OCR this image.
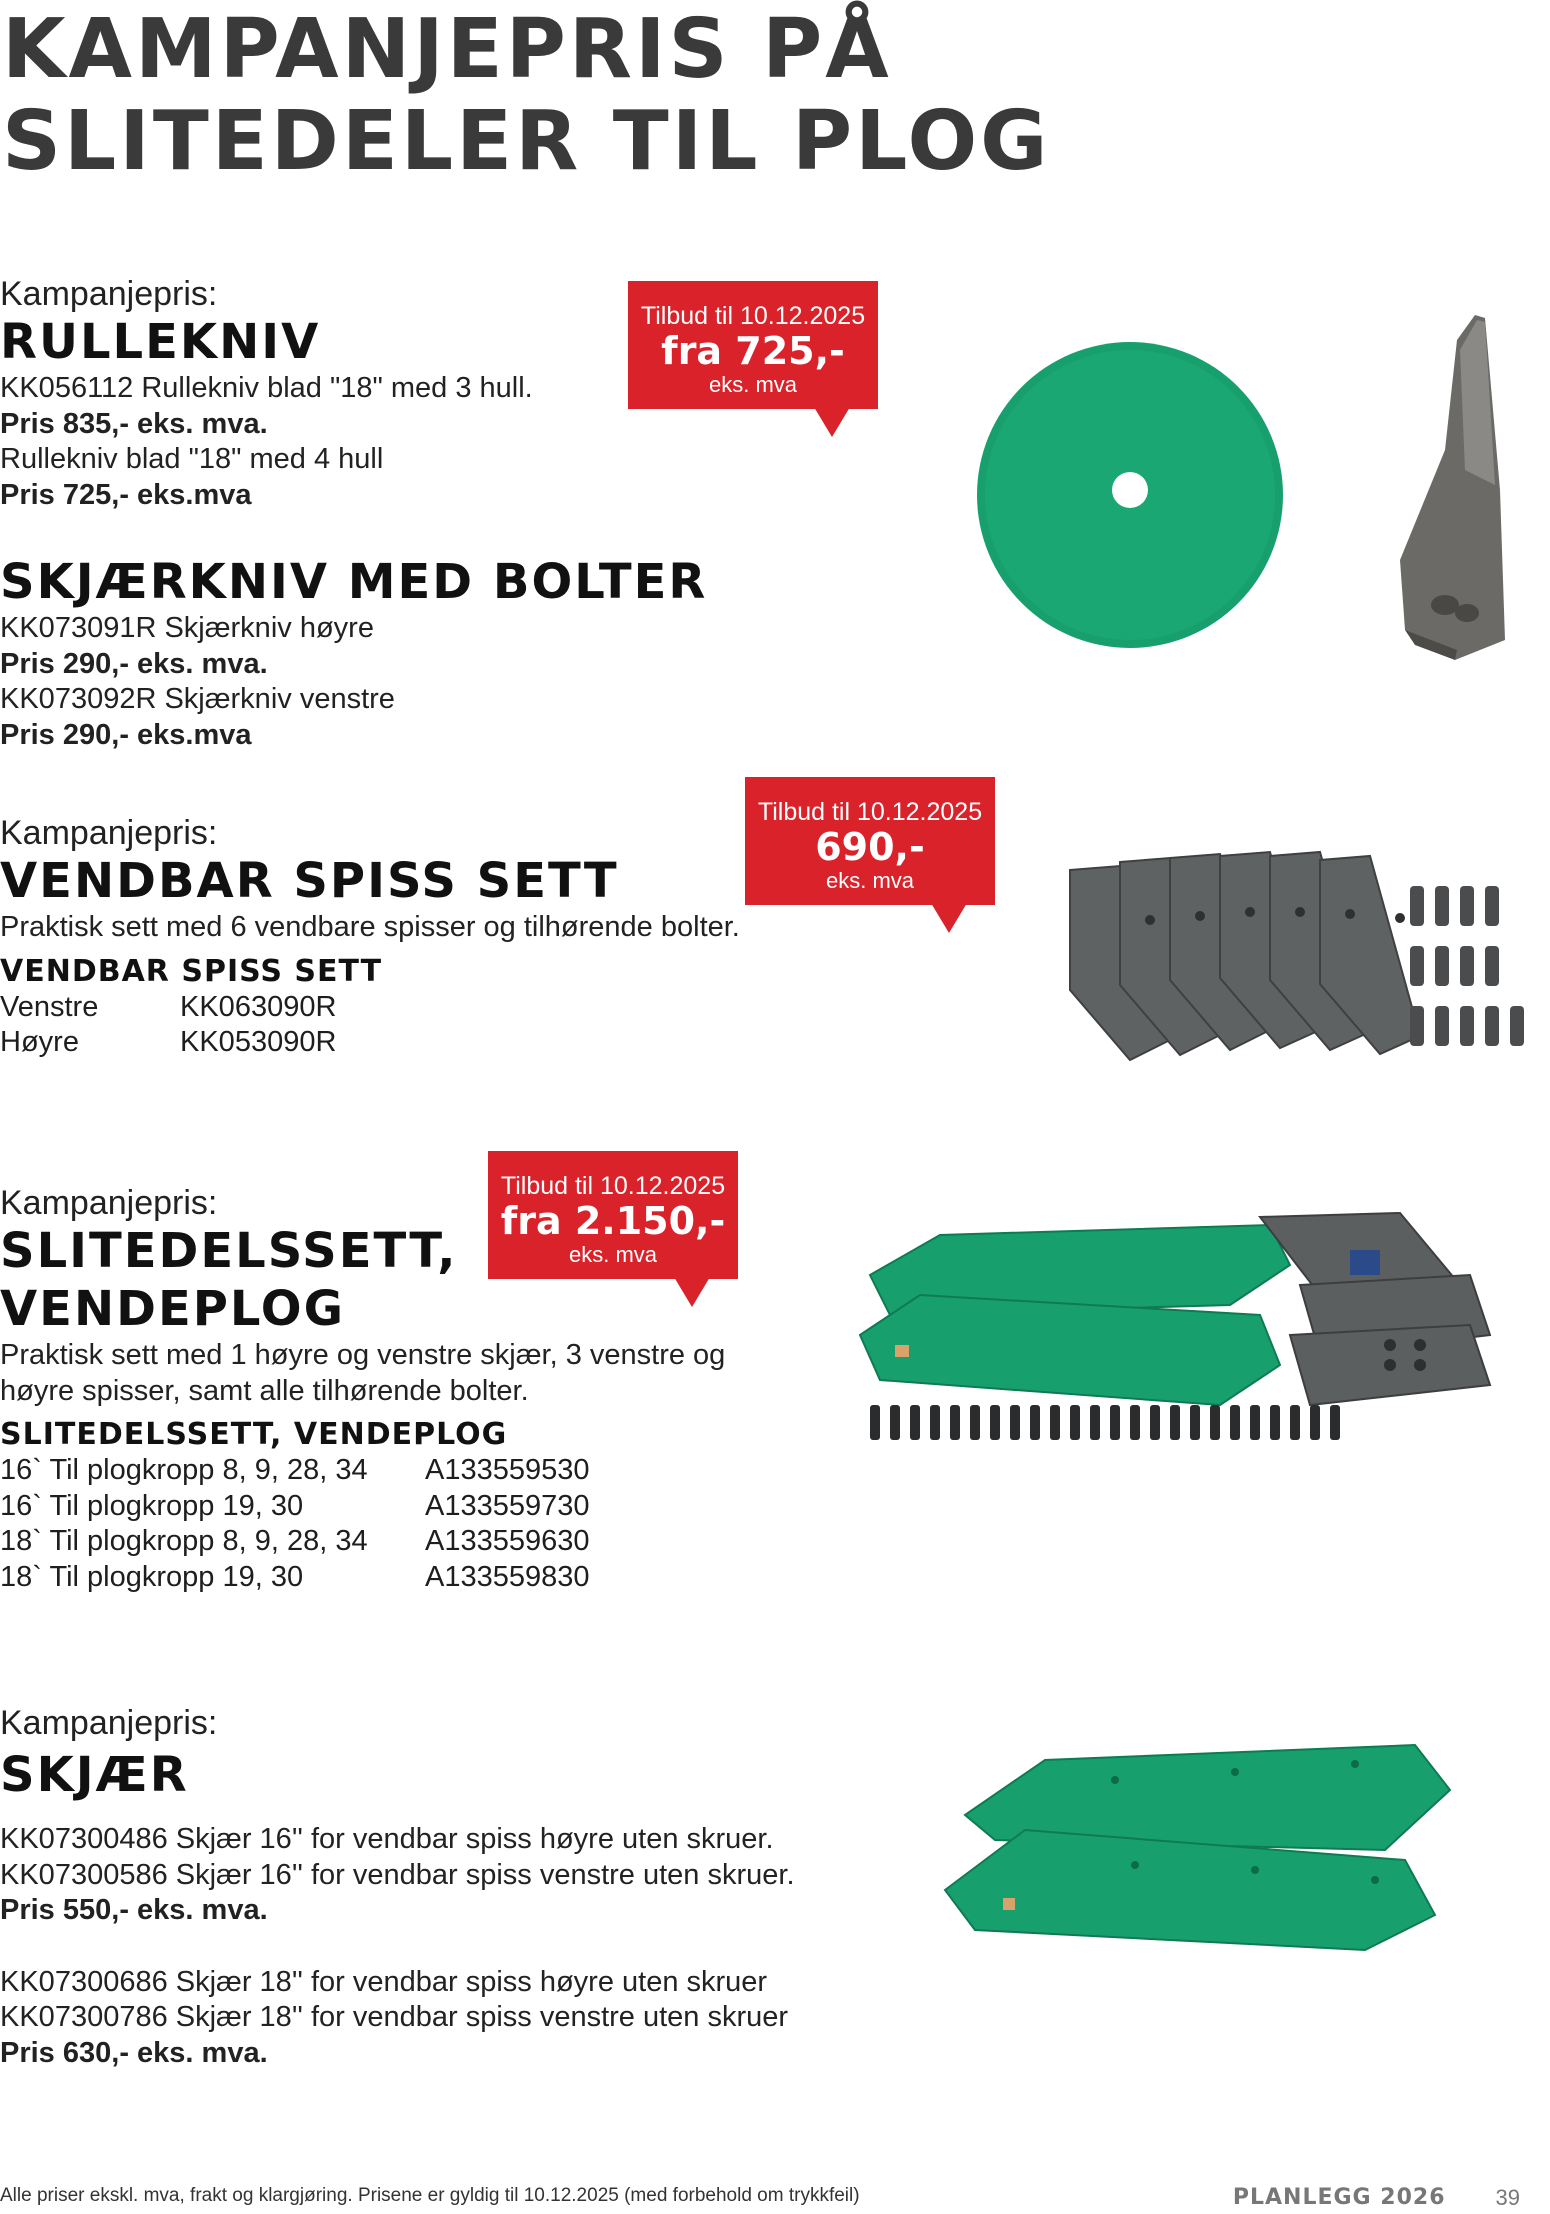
KAMPANJEPRIS PÅ
SLITEDELER TIL PLOG
Kampanjepris:
RULLEKNIV
KK056112 Rullekniv blad "18" med 3 hull.
Pris 835,- eks. mva.
Rullekniv blad "18" med 4 hull
Pris 725,- eks.mva
Tilbud til 10.12.2025
fra 725,-
eks. mva
SKJÆRKNIV MED BOLTER
KK073091R Skjærkniv høyre
Pris 290,- eks. mva.
KK073092R Skjærkniv venstre
Pris 290,- eks.mva
Kampanjepris:
VENDBAR SPISS SETT
Praktisk sett med 6 vendbare spisser og tilhørende bolter.
VENDBAR SPISS SETT
Venstre	KK063090R
Høyre	KK053090R
Tilbud til 10.12.2025
690,-
eks. mva
Kampanjepris:
SLITEDELSSETT,
VENDEPLOG
Praktisk sett med 1 høyre og venstre skjær, 3 venstre og
høyre spisser, samt alle tilhørende bolter.
SLITEDELSSETT, VENDEPLOG
16` Til plogkropp 8, 9, 28, 34	A133559530
16` Til plogkropp 19, 30	A133559730
18` Til plogkropp 8, 9, 28, 34	A133559630
18` Til plogkropp 19, 30	A133559830
Tilbud til 10.12.2025
fra 2.150,-
eks. mva
Kampanjepris:
SKJÆR
KK07300486 Skjær 16'' for vendbar spiss høyre uten skruer.
KK07300586 Skjær 16'' for vendbar spiss venstre uten skruer.
Pris 550,- eks. mva.
KK07300686 Skjær 18'' for vendbar spiss høyre uten skruer
KK07300786 Skjær 18'' for vendbar spiss venstre uten skruer
Pris 630,- eks. mva.
Alle priser ekskl. mva, frakt og klargjøring. Prisene er gyldig til 10.12.2025 (med forbehold om trykkfeil)	PLANLEGG 2026 39
